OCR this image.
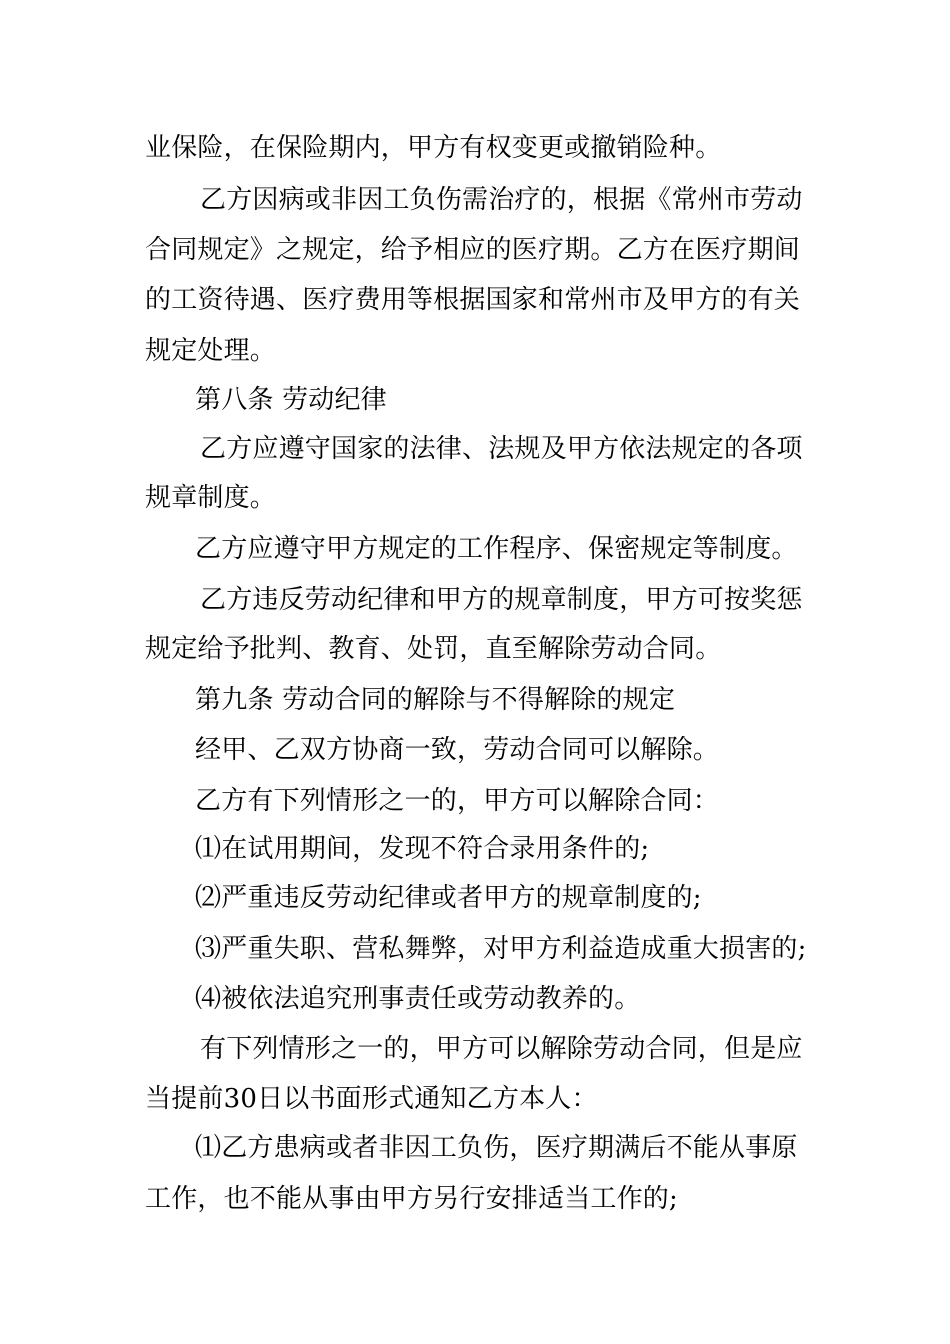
业保险，在保险期内，甲方有权变更或撤销险种。
乙方因病或非因工负伤需治疗的，根据《常州市劳动
合同规定》之规定，给予相应的医疗期。乙方在医疗期间
的工资待遇、医疗费用等根据国家和常州市及甲方的有关
规定处理。
第八条 劳动纪律
乙方应遵守国家的法律、法规及甲方依法规定的各项
规章制度。
乙方应遵守甲方规定的工作程序、保密规定等制度。
乙方违反劳动纪律和甲方的规章制度，甲方可按奖惩
规定给予批判、教育、处罚，直至解除劳动合同。
第九条 劳动合同的解除与不得解除的规定
经甲、乙双方协商一致，劳动合同可以解除。
乙方有下列情形之一的，甲方可以解除合同：
⑴在试用期间，发现不符合录用条件的;
⑵严重违反劳动纪律或者甲方的规章制度的;
⑶严重失职、营私舞弊，对甲方利益造成重大损害的;
⑷被依法追究刑事责任或劳动教养的。
有下列情形之一的，甲方可以解除劳动合同，但是应
当提前30日以书面形式通知乙方本人：
⑴乙方患病或者非因工负伤，医疗期满后不能从事原
工作，也不能从事由甲方另行安排适当工作的;
